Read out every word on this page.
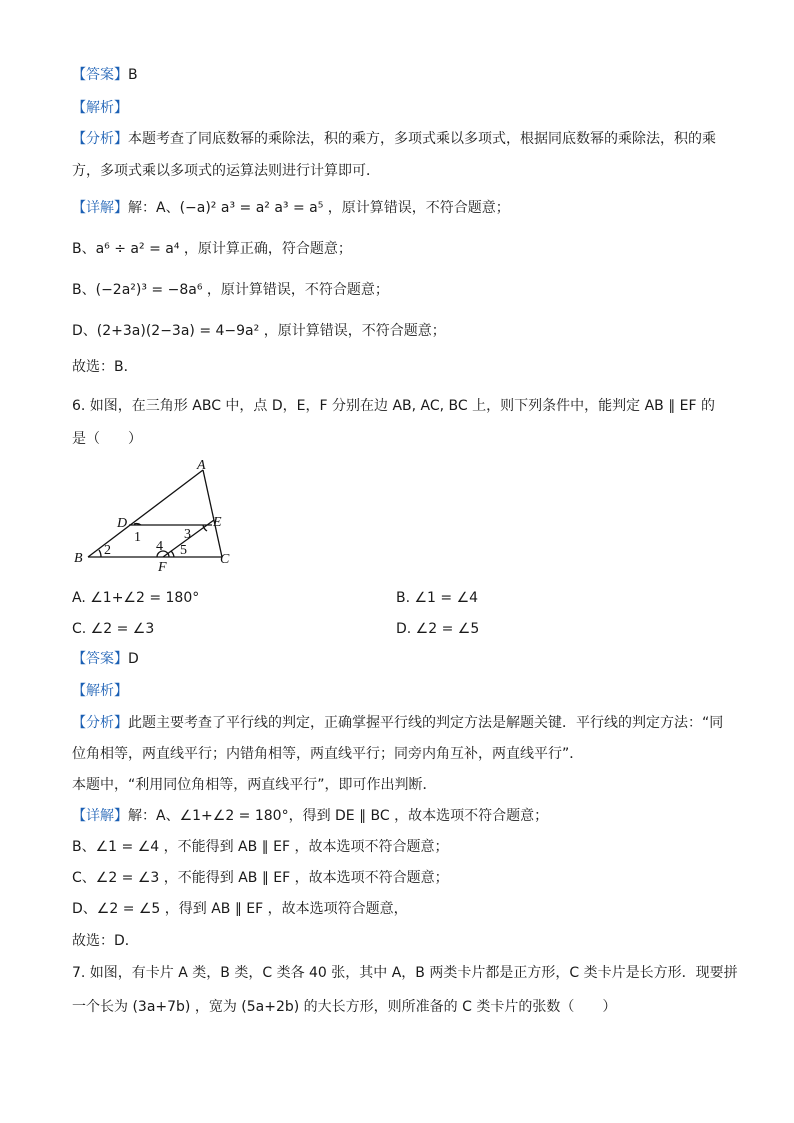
【答案】B
【解析】
【分析】本题考查了同底数幂的乘除法，积的乘方，多项式乘以多项式，根据同底数幂的乘除法，积的乘
方，多项式乘以多项式的运算法则进行计算即可．
【详解】解：A、(−a)² a³ = a² a³ = a⁵ ，原计算错误，不符合题意；
B、a⁶ ÷ a² = a⁴ ，原计算正确，符合题意；
B、(−2a²)³ = −8a⁶ ，原计算错误，不符合题意；
D、(2+3a)(2−3a) = 4−9a² ，原计算错误，不符合题意；
故选：B．
6. 如图，在三角形 ABC 中，点 D，E，F 分别在边 AB, AC, BC 上，则下列条件中，能判定 AB ∥ EF 的
是（　　）
A
B	C
D	E
F
1
2
3
4 5
A. ∠1+∠2 = 180°	B. ∠1 = ∠4
C. ∠2 = ∠3	D. ∠2 = ∠5
【答案】D
【解析】
【分析】此题主要考查了平行线的判定，正确掌握平行线的判定方法是解题关键．平行线的判定方法：“同
位角相等，两直线平行；内错角相等，两直线平行；同旁内角互补，两直线平行”．
本题中，“利用同位角相等，两直线平行”，即可作出判断．
【详解】解：A、∠1+∠2 = 180°，得到 DE ∥ BC ，故本选项不符合题意；
B、∠1 = ∠4 ，不能得到 AB ∥ EF ，故本选项不符合题意；
C、∠2 = ∠3 ，不能得到 AB ∥ EF ，故本选项不符合题意；
D、∠2 = ∠5 ，得到 AB ∥ EF ，故本选项符合题意，
故选：D．
7. 如图，有卡片 A 类，B 类，C 类各 40 张，其中 A，B 两类卡片都是正方形，C 类卡片是长方形．现要拼
一个长为 (3a+7b) ，宽为 (5a+2b) 的大长方形，则所准备的 C 类卡片的张数（　　）
